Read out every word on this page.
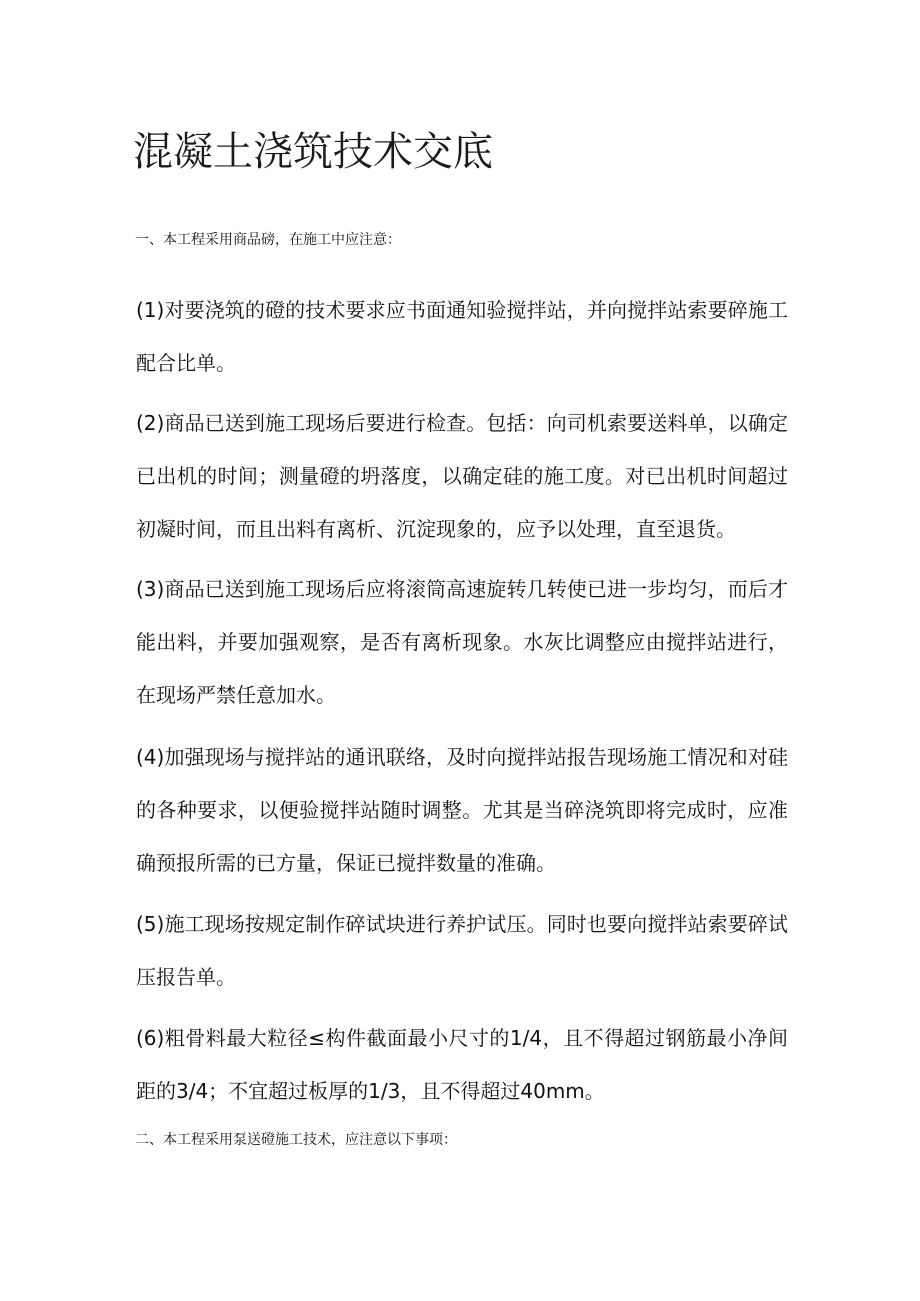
混凝土浇筑技术交底

一、本工程采用商品磅，在施工中应注意：

(1)对要浇筑的磴的技术要求应书面通知验搅拌站，并向搅拌站索要碎施工配合比单。

(2)商品已送到施工现场后要进行检查。包括：向司机索要送料单，以确定已出机的时间；测量磴的坍落度，以确定硅的施工度。对已出机时间超过初凝时间，而且出料有离析、沉淀现象的，应予以处理，直至退货。

(3)商品已送到施工现场后应将滚筒高速旋转几转使已进一步均匀，而后才能出料，并要加强观察，是否有离析现象。水灰比调整应由搅拌站进行，在现场严禁任意加水。

(4)加强现场与搅拌站的通讯联络，及时向搅拌站报告现场施工情况和对硅的各种要求，以便验搅拌站随时调整。尤其是当碎浇筑即将完成时，应准确预报所需的已方量，保证已搅拌数量的准确。

(5)施工现场按规定制作碎试块进行养护试压。同时也要向搅拌站索要碎试压报告单。

(6)粗骨料最大粒径≤构件截面最小尺寸的1/4，且不得超过钢筋最小净间距的3/4；不宜超过板厚的1/3，且不得超过40mm。

二、本工程采用泵送磴施工技术，应注意以下事项：
